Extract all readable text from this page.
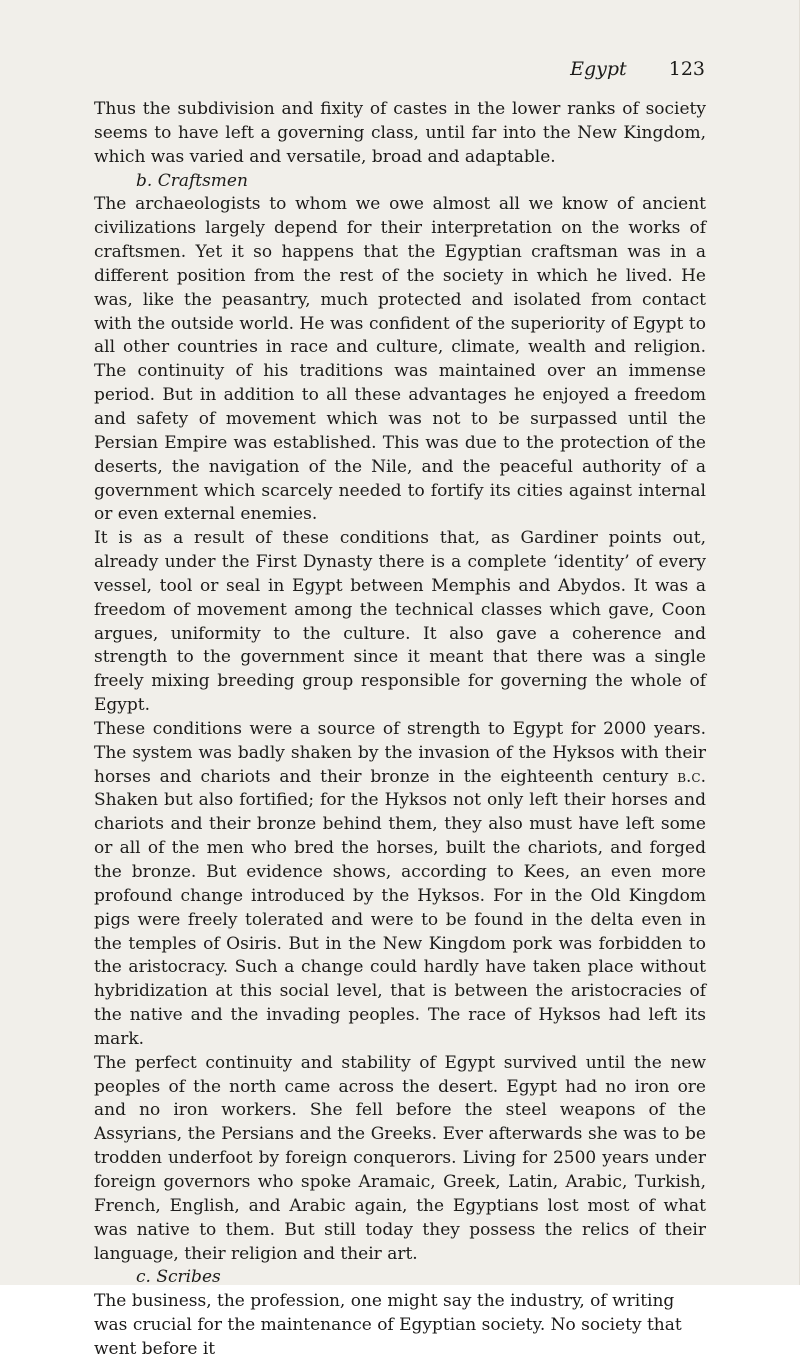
Egypt 123

Thus the subdivision and fixity of castes in the lower ranks of society seems to have left a governing class, until far into the New Kingdom, which was varied and versatile, broad and adaptable.

b. Craftsmen

The archaeologists to whom we owe almost all we know of ancient civilizations largely depend for their interpretation on the works of craftsmen. Yet it so happens that the Egyptian craftsman was in a different position from the rest of the society in which he lived. He was, like the peasantry, much protected and isolated from contact with the outside world. He was confident of the superiority of Egypt to all other countries in race and culture, climate, wealth and religion. The continuity of his traditions was maintained over an immense period. But in addition to all these advantages he enjoyed a freedom and safety of movement which was not to be surpassed until the Persian Empire was established. This was due to the protection of the deserts, the navigation of the Nile, and the peaceful authority of a government which scarcely needed to fortify its cities against internal or even external enemies.

It is as a result of these conditions that, as Gardiner points out, already under the First Dynasty there is a complete ‘identity’ of every vessel, tool or seal in Egypt between Memphis and Abydos. It was a freedom of movement among the technical classes which gave, Coon argues, uniformity to the culture. It also gave a coherence and strength to the government since it meant that there was a single freely mixing breeding group responsible for governing the whole of Egypt.

These conditions were a source of strength to Egypt for 2000 years. The system was badly shaken by the invasion of the Hyksos with their horses and chariots and their bronze in the eighteenth century b.c. Shaken but also fortified; for the Hyksos not only left their horses and chariots and their bronze behind them, they also must have left some or all of the men who bred the horses, built the chariots, and forged the bronze. But evidence shows, according to Kees, an even more profound change introduced by the Hyksos. For in the Old Kingdom pigs were freely tolerated and were to be found in the delta even in the temples of Osiris. But in the New Kingdom pork was forbidden to the aristocracy. Such a change could hardly have taken place without hybridization at this social level, that is between the aristocracies of the native and the invading peoples. The race of Hyksos had left its mark.

The perfect continuity and stability of Egypt survived until the new peoples of the north came across the desert. Egypt had no iron ore and no iron workers. She fell before the steel weapons of the Assyrians, the Persians and the Greeks. Ever afterwards she was to be trodden underfoot by foreign conquerors. Living for 2500 years under foreign governors who spoke Aramaic, Greek, Latin, Arabic, Turkish, French, English, and Arabic again, the Egyptians lost most of what was native to them. But still today they possess the relics of their language, their religion and their art.

c. Scribes

The business, the profession, one might say the industry, of writing was crucial for the maintenance of Egyptian society. No society that went before it
